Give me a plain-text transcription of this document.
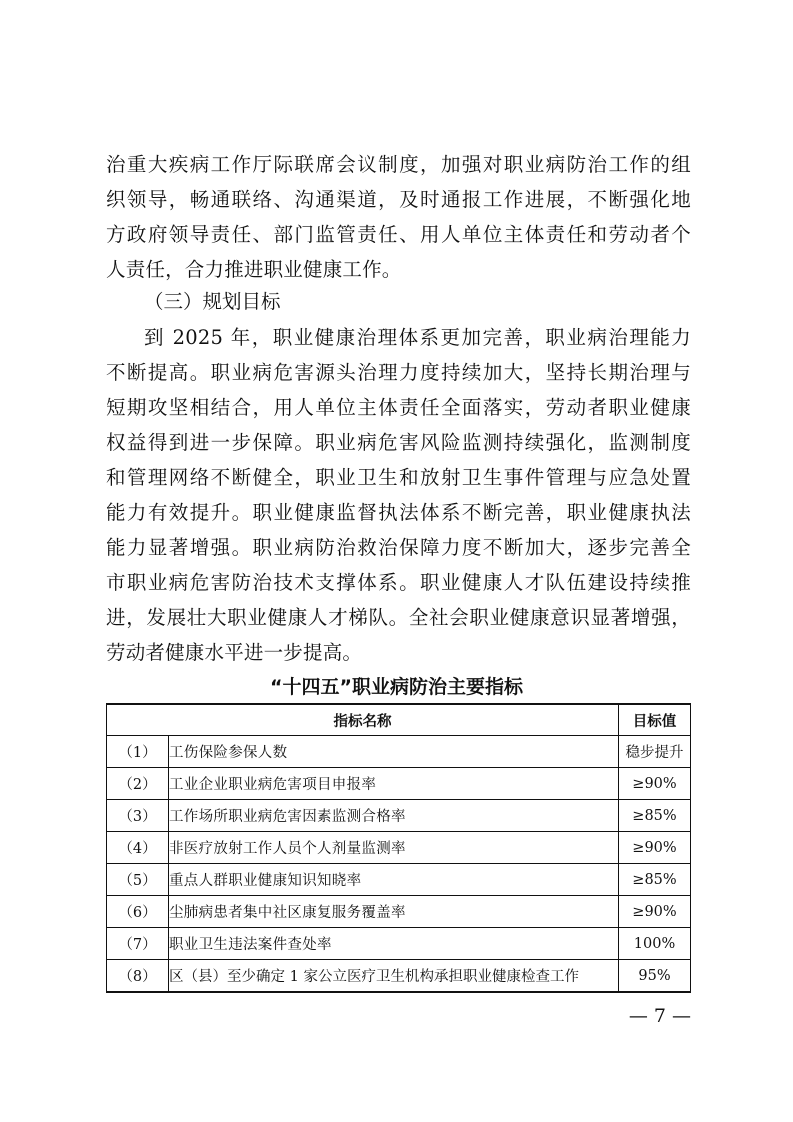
治重大疾病工作厅际联席会议制度，加强对职业病防治工作的组
织领导，畅通联络、沟通渠道，及时通报工作进展，不断强化地
方政府领导责任、部门监管责任、用人单位主体责任和劳动者个
人责任，合力推进职业健康工作。
（三）规划目标
到 2025 年，职业健康治理体系更加完善，职业病治理能力
不断提高。职业病危害源头治理力度持续加大，坚持长期治理与
短期攻坚相结合，用人单位主体责任全面落实，劳动者职业健康
权益得到进一步保障。职业病危害风险监测持续强化，监测制度
和管理网络不断健全，职业卫生和放射卫生事件管理与应急处置
能力有效提升。职业健康监督执法体系不断完善，职业健康执法
能力显著增强。职业病防治救治保障力度不断加大，逐步完善全
市职业病危害防治技术支撑体系。职业健康人才队伍建设持续推
进，发展壮大职业健康人才梯队。全社会职业健康意识显著增强，
劳动者健康水平进一步提高。
“十四五”职业病防治主要指标
指标名称		目标值
（1）	工伤保险参保人数	稳步提升
（2）	工业企业职业病危害项目申报率	≥90%
（3）	工作场所职业病危害因素监测合格率	≥85%
（4）	非医疗放射工作人员个人剂量监测率	≥90%
（5）	重点人群职业健康知识知晓率	≥85%
（6）	尘肺病患者集中社区康复服务覆盖率	≥90%
（7）	职业卫生违法案件查处率	100%
（8）	区（县）至少确定 1 家公立医疗卫生机构承担职业健康检查工作	95%
— 7 —
